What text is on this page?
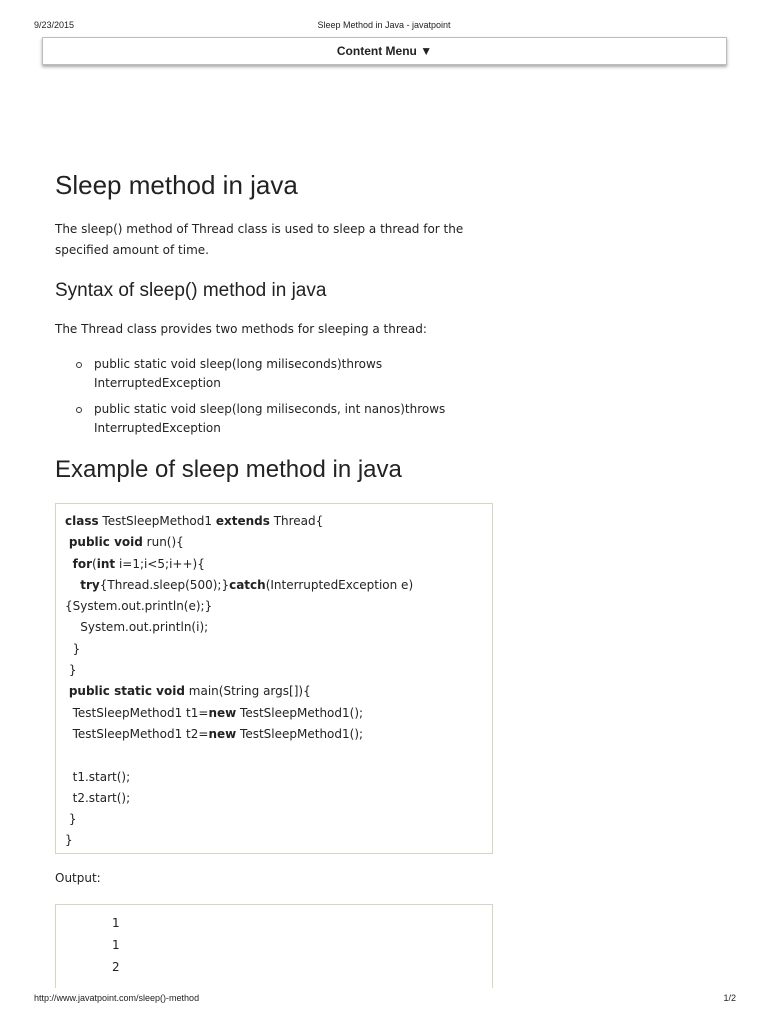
9/23/2015	Sleep Method in Java - javatpoint
Content Menu ▼
Sleep method in java

The sleep() method of Thread class is used to sleep a thread for the specified amount of time.

Syntax of sleep() method in java

The Thread class provides two methods for sleeping a thread:

public static void sleep(long miliseconds)throws InterruptedException
public static void sleep(long miliseconds, int nanos)throws InterruptedException
Example of sleep method in java
class TestSleepMethod1 extends Thread{
public void run(){
for(int i=1;i<5;i++){
try{Thread.sleep(500);}catch(InterruptedException e)
{System.out.println(e);}
System.out.println(i);
}
}
public static void main(String args[]){
TestSleepMethod1 t1=new TestSleepMethod1();
TestSleepMethod1 t2=new TestSleepMethod1();
t1.start();
t2.start();
}
}
Output:
1
1
2
http://www.javatpoint.com/sleep()-method	1/2
